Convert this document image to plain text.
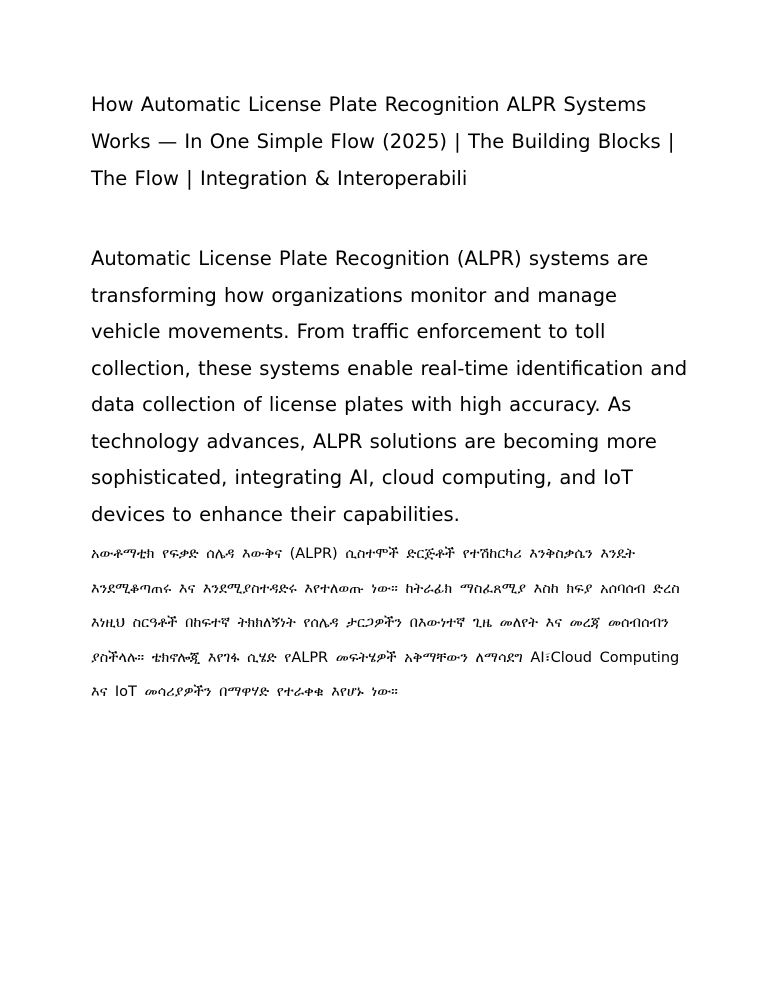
How Automatic License Plate Recognition ALPR Systems Works — In One Simple Flow (2025) | The Building Blocks | The Flow | Integration & Interoperabili

Automatic License Plate Recognition (ALPR) systems are transforming how organizations monitor and manage vehicle movements. From traffic enforcement to toll collection, these systems enable real-time identification and data collection of license plates with high accuracy. As technology advances, ALPR solutions are becoming more sophisticated, integrating AI, cloud computing, and IoT devices to enhance their capabilities.

አውቶማቲክ የፍቃድ ሰሌዳ እውቅና (ALPR) ሲስተሞች ድርጅቶች የተሽከርካሪ እንቅስቃሴን እንዴት እንደሚቆጣጠሩ እና እንደሚያስተዳድሩ እየተለወጡ ነው። ከትራፊክ ማስፈጸሚያ እስከ ክፍያ አሰባሰብ ድረስ እነዚህ ስርዓቶች በከፍተኛ ትክክለኝነት የሰሌዳ ታርጋዎችን በእውነተኛ ጊዜ መለየት እና መረጃ መሰብሰብን ያስችላሉ። ቴክኖሎጂ እየገፋ ሲሄድ የALPR መፍትሄዎች አቅማቸውን ለማሳደግ AI፣Cloud Computing እና IoT መሳሪያዎችን በማዋሃድ የተራቀቁ እየሆኑ ነው።
